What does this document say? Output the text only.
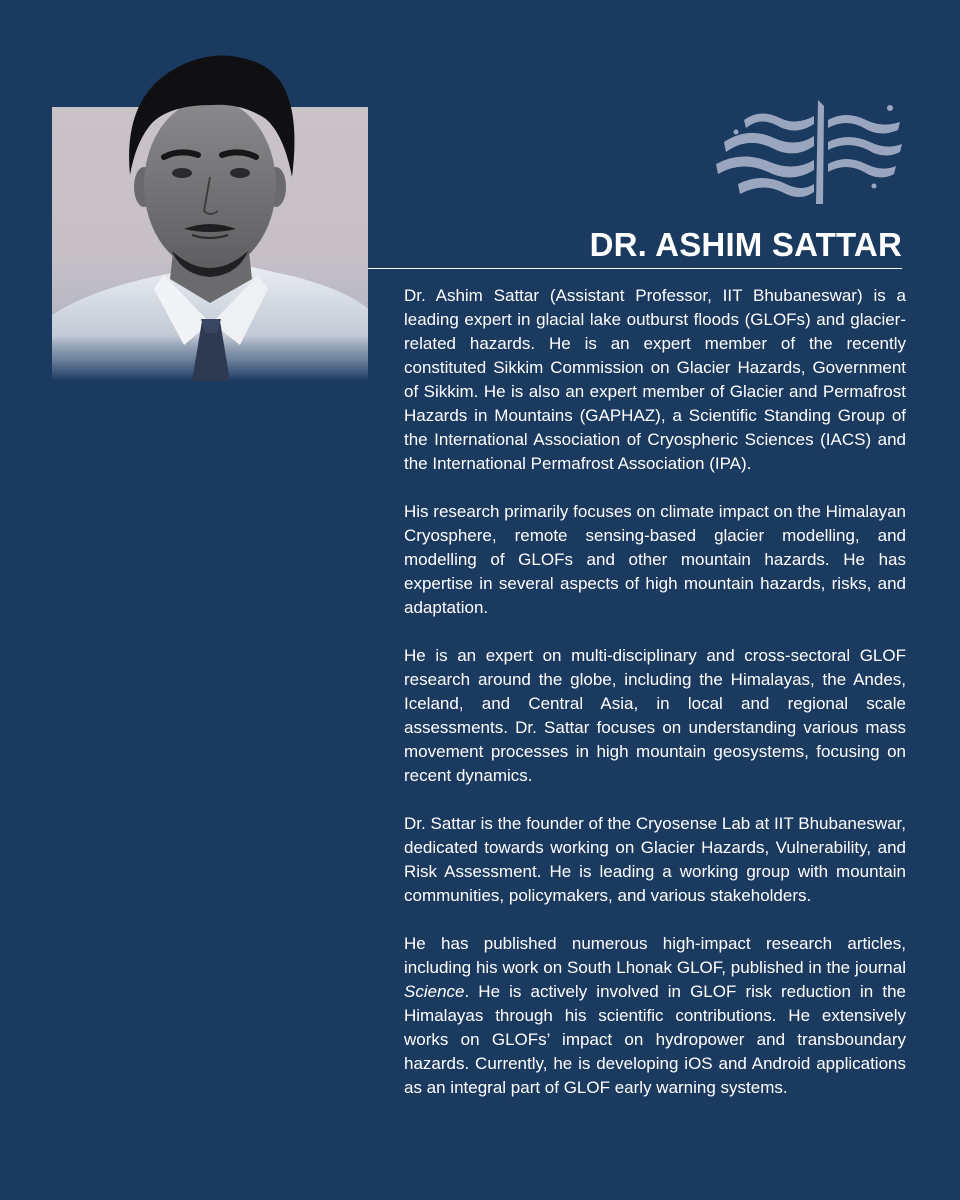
DR. ASHIM SATTAR

Dr. Ashim Sattar (Assistant Professor, IIT Bhubaneswar) is a leading expert in glacial lake outburst floods (GLOFs) and glacier-related hazards. He is an expert member of the recently constituted Sikkim Commission on Glacier Hazards, Government of Sikkim. He is also an expert member of Glacier and Permafrost Hazards in Mountains (GAPHAZ), a Scientific Standing Group of the International Association of Cryospheric Sciences (IACS) and the International Permafrost Association (IPA).

His research primarily focuses on climate impact on the Himalayan Cryosphere, remote sensing-based glacier modelling, and modelling of GLOFs and other mountain hazards. He has expertise in several aspects of high mountain hazards, risks, and adaptation.

He is an expert on multi-disciplinary and cross-sectoral GLOF research around the globe, including the Himalayas, the Andes, Iceland, and Central Asia, in local and regional scale assessments. Dr. Sattar focuses on understanding various mass movement processes in high mountain geosystems, focusing on recent dynamics.

Dr. Sattar is the founder of the Cryosense Lab at IIT Bhubaneswar, dedicated towards working on Glacier Hazards, Vulnerability, and Risk Assessment. He is leading a working group with mountain communities, policymakers, and various stakeholders.

He has published numerous high-impact research articles, including his work on South Lhonak GLOF, published in the journal Science. He is actively involved in GLOF risk reduction in the Himalayas through his scientific contributions. He extensively works on GLOFs’ impact on hydropower and transboundary hazards. Currently, he is developing iOS and Android applications as an integral part of GLOF early warning systems.
